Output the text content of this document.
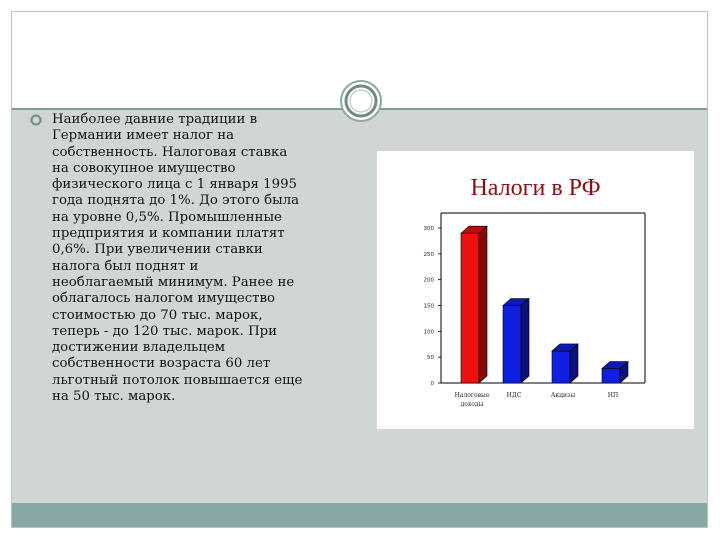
Наиболее давние традиции в
Германии имеет налог на
собственность. Налоговая ставка
на совокупное имущество
физического лица с 1 января 1995
года поднята до 1%. До этого была
на уровне 0,5%. Промышленные
предприятия и компании платят
0,6%. При увеличении ставки
налога был поднят и
необлагаемый минимум. Ранее не
облагалось налогом имущество
стоимостью до 70 тыс. марок,
теперь - до 120 тыс. марок. При
достижении владельцем
собственности возраста 60 лет
льготный потолок повышается еще
на 50 тыс. марок.
Налоги в РФ
0
50
100
150
200
250
300
Налоговые
доходы
НДС	Акцизы	НП
